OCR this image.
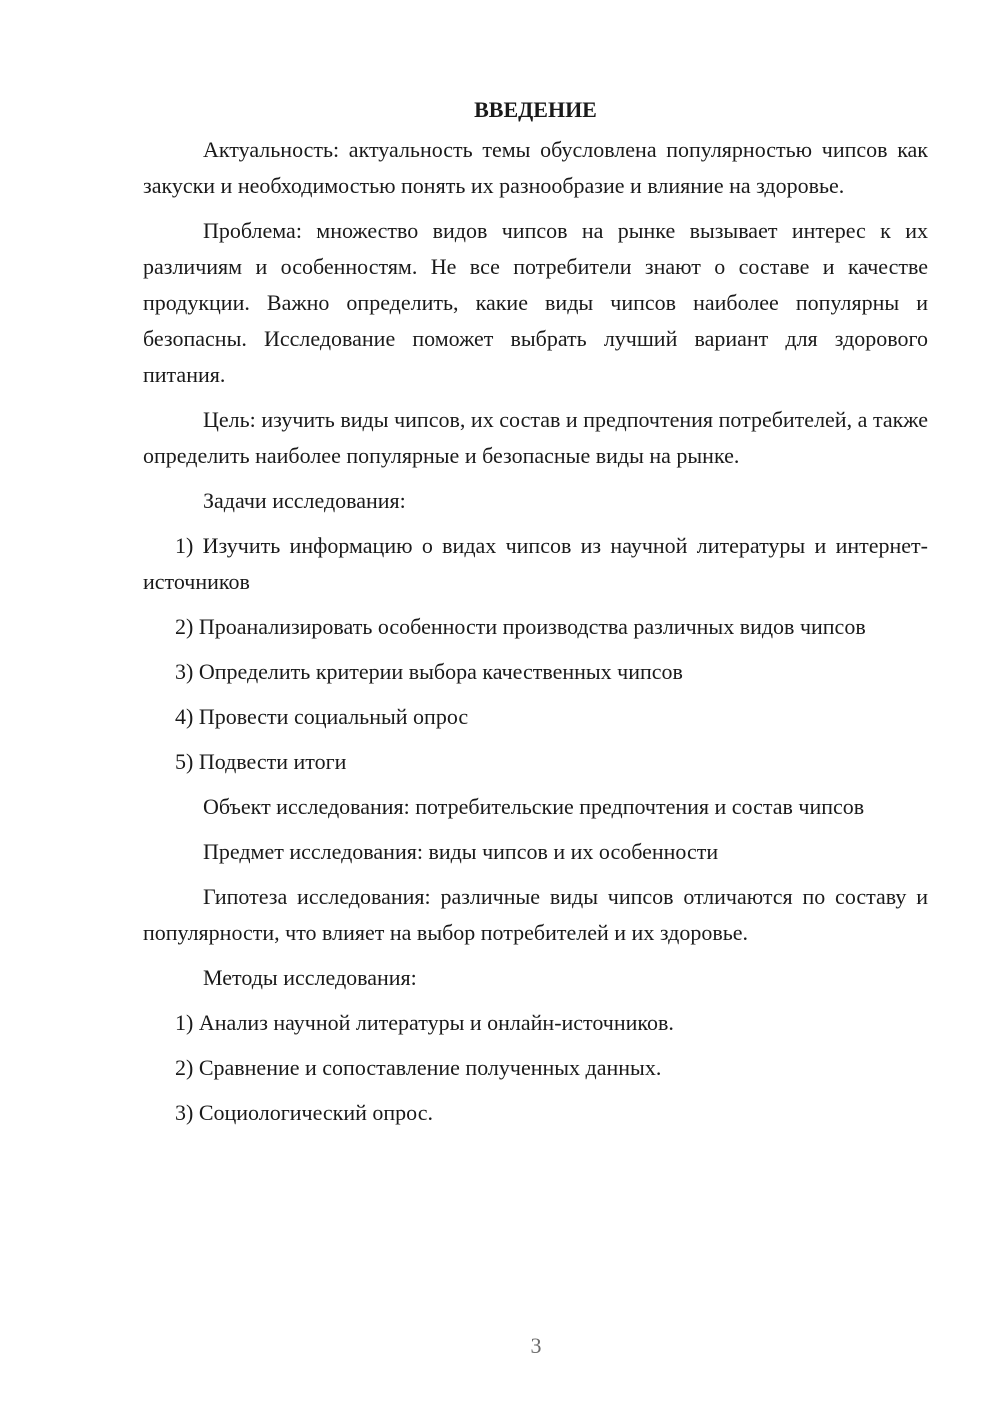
ВВЕДЕНИЕ

Актуальность: актуальность темы обусловлена популярностью чипсов как закуски и необходимостью понять их разнообразие и влияние на здоровье.

Проблема: множество видов чипсов на рынке вызывает интерес к их различиям и особенностям. Не все потребители знают о составе и качестве продукции. Важно определить, какие виды чипсов наиболее популярны и безопасны. Исследование поможет выбрать лучший вариант для здорового питания.

Цель: изучить виды чипсов, их состав и предпочтения потребителей, а также определить наиболее популярные и безопасные виды на рынке.

Задачи исследования:

1) Изучить информацию о видах чипсов из научной литературы и интернет-источников

2) Проанализировать особенности производства различных видов чипсов

3) Определить критерии выбора качественных чипсов

4) Провести социальный опрос

5) Подвести итоги

Объект исследования: потребительские предпочтения и состав чипсов

Предмет исследования: виды чипсов и их особенности

Гипотеза исследования: различные виды чипсов отличаются по составу и популярности, что влияет на выбор потребителей и их здоровье.

Методы исследования:

1) Анализ научной литературы и онлайн-источников.

2) Сравнение и сопоставление полученных данных.

3) Социологический опрос.

3
